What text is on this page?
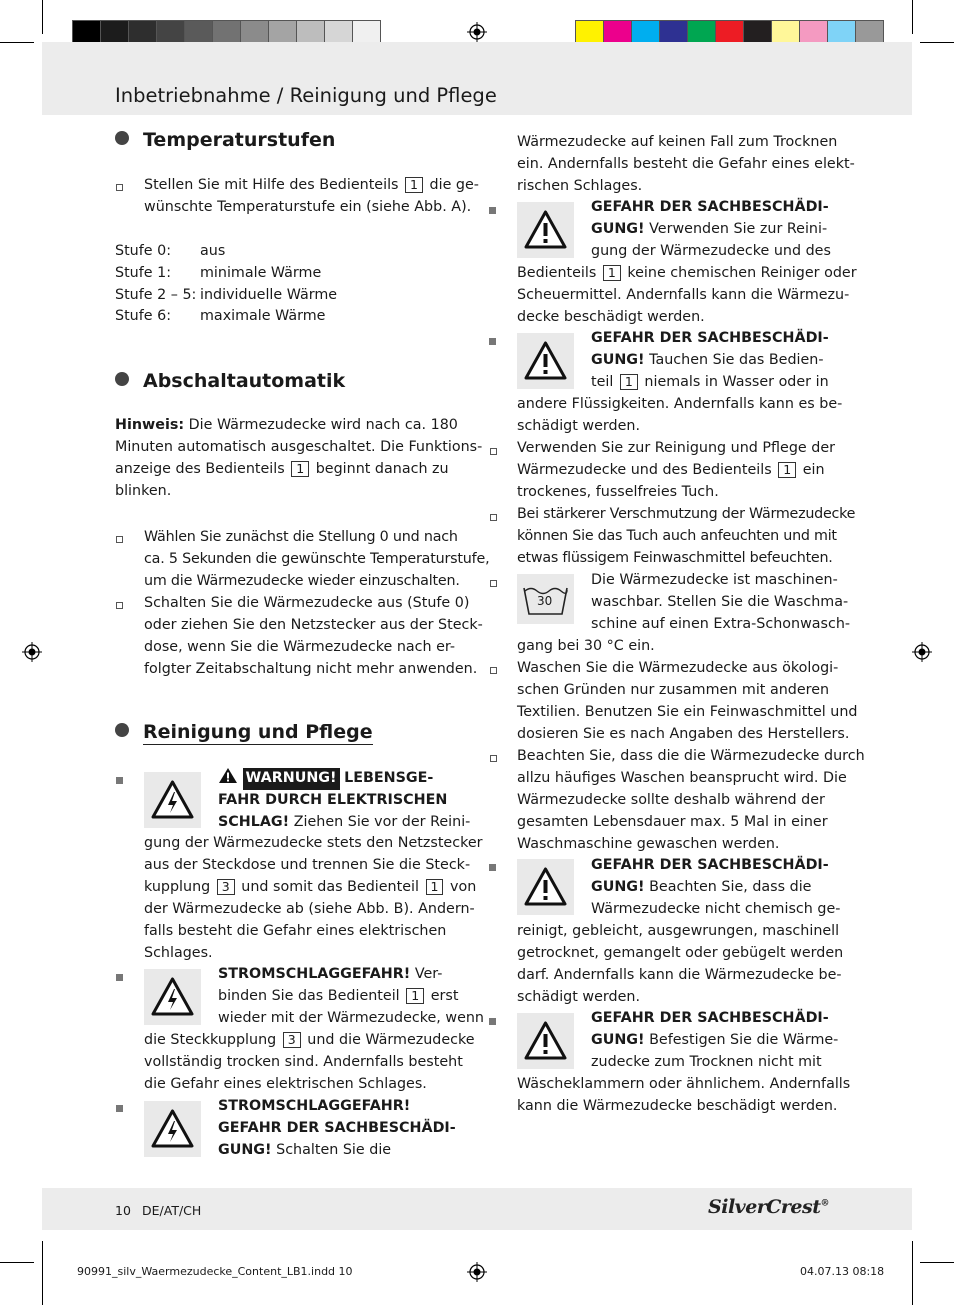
Inbetriebnahme / Reinigung und Pflege
Temperaturstufen
Stellen Sie mit Hilfe des Bedienteils 1 die ge-
wünschte Temperaturstufe ein (siehe Abb. A).
Stufe 0: aus
Stufe 1: minimale Wärme
Stufe 2 – 5: individuelle Wärme
Stufe 6: maximale Wärme
Abschaltautomatik
Hinweis: Die Wärmezudecke wird nach ca. 180
Minuten automatisch ausgeschaltet. Die Funktions-
anzeige des Bedienteils 1 beginnt danach zu
blinken.
Wählen Sie zunächst die Stellung 0 und nach
ca. 5 Sekunden die gewünschte Temperaturstufe,
um die Wärmezudecke wieder einzuschalten.
Schalten Sie die Wärmezudecke aus (Stufe 0)
oder ziehen Sie den Netzstecker aus der Steck-
dose, wenn Sie die Wärmezudecke nach er-
folgter Zeitabschaltung nicht mehr anwenden.
Reinigung und Pflege
WARNUNG! LEBENSGE-
FAHR DURCH ELEKTRISCHEN
SCHLAG! Ziehen Sie vor der Reini-
gung der Wärmezudecke stets den Netzstecker
aus der Steckdose und trennen Sie die Steck-
kupplung 3 und somit das Bedienteil 1 von
der Wärmezudecke ab (siehe Abb. B). Andern-
falls besteht die Gefahr eines elektrischen
Schlages.
STROMSCHLAGGEFAHR! Ver-
binden Sie das Bedienteil 1 erst
wieder mit der Wärmezudecke, wenn
die Steckkupplung 3 und die Wärmezudecke
vollständig trocken sind. Andernfalls besteht
die Gefahr eines elektrischen Schlages.
STROMSCHLAGGEFAHR!
GEFAHR DER SACHBESCHÄDI-
GUNG! Schalten Sie die
Wärmezudecke auf keinen Fall zum Trocknen
ein. Andernfalls besteht die Gefahr eines elekt-
rischen Schlages.
GEFAHR DER SACHBESCHÄDI-
GUNG! Verwenden Sie zur Reini-
gung der Wärmezudecke und des
Bedienteils 1 keine chemischen Reiniger oder
Scheuermittel. Andernfalls kann die Wärmezu-
decke beschädigt werden.
GEFAHR DER SACHBESCHÄDI-
GUNG! Tauchen Sie das Bedien-
teil 1 niemals in Wasser oder in
andere Flüssigkeiten. Andernfalls kann es be-
schädigt werden.
Verwenden Sie zur Reinigung und Pflege der
Wärmezudecke und des Bedienteils 1 ein
trockenes, fusselfreies Tuch.
Bei stärkerer Verschmutzung der Wärmezudecke
können Sie das Tuch auch anfeuchten und mit
etwas flüssigem Feinwaschmittel befeuchten.
30
Die Wärmezudecke ist maschinen-
waschbar. Stellen Sie die Waschma-
schine auf einen Extra-Schonwasch-
gang bei 30 °C ein.
Waschen Sie die Wärmezudecke aus ökologi-
schen Gründen nur zusammen mit anderen
Textilien. Benutzen Sie ein Feinwaschmittel und
dosieren Sie es nach Angaben des Herstellers.
Beachten Sie, dass die die Wärmezudecke durch
allzu häufiges Waschen beansprucht wird. Die
Wärmezudecke sollte deshalb während der
gesamten Lebensdauer max. 5 Mal in einer
Waschmaschine gewaschen werden.
GEFAHR DER SACHBESCHÄDI-
GUNG! Beachten Sie, dass die
Wärmezudecke nicht chemisch ge-
reinigt, gebleicht, ausgewrungen, maschinell
getrocknet, gemangelt oder gebügelt werden
darf. Andernfalls kann die Wärmezudecke be-
schädigt werden.
GEFAHR DER SACHBESCHÄDI-
GUNG! Befestigen Sie die Wärme-
zudecke zum Trocknen nicht mit
Wäscheklammern oder ähnlichem. Andernfalls
kann die Wärmezudecke beschädigt werden.
10 DE/AT/CH	SilverCrest®
90991_silv_Waermezudecke_Content_LB1.indd 10	04.07.13 08:18
